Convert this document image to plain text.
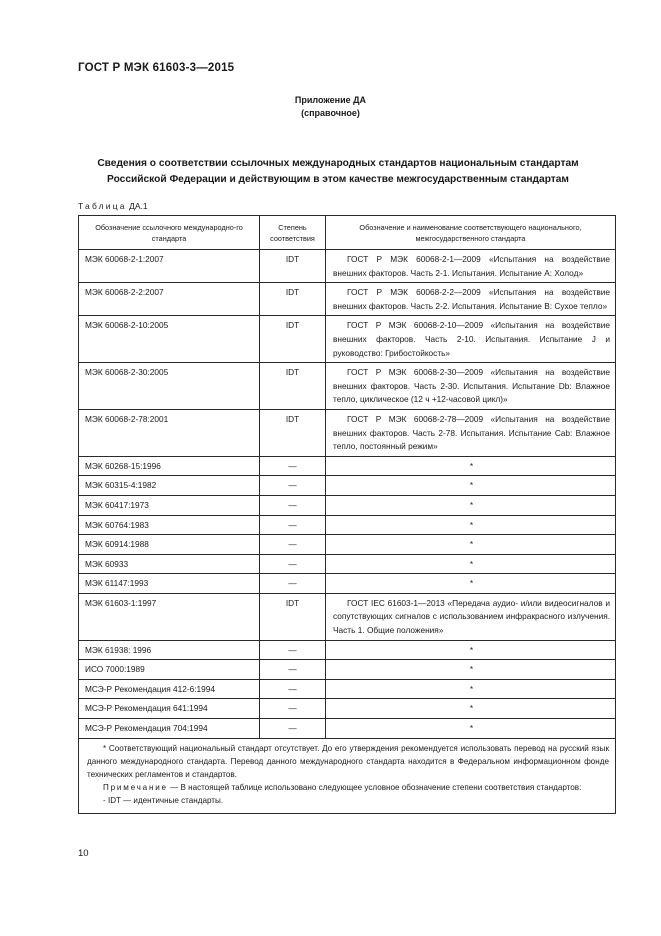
ГОСТ Р МЭК 61603-3—2015
Приложение ДА
(справочное)
Сведения о соответствии ссылочных международных стандартов национальным стандартам
Российской Федерации и действующим в этом качестве межгосударственным стандартам
Таблица ДА.1
Обозначение ссылочного международно-го стандарта	Степень соответствия	Обозначение и наименование соответствующего национального, межгосударственного стандарта
МЭК 60068-2-1:2007	IDT	ГОСТ Р МЭК 60068-2-1—2009 «Испытания на воздействие внешних факторов. Часть 2-1. Испытания. Испытание А: Холод»
МЭК 60068-2-2:2007	IDT	ГОСТ Р МЭК 60068-2-2—2009 «Испытания на воздействие внешних факторов. Часть 2-2. Испытания. Испытание В: Сухое тепло»
МЭК 60068-2-10:2005	IDT	ГОСТ Р МЭК 60068-2-10—2009 «Испытания на воздействие внешних факторов. Часть 2-10. Испытания. Испытание J и руководство: Грибостойкость»
МЭК 60068-2-30:2005	IDT	ГОСТ Р МЭК 60068-2-30—2009 «Испытания на воздействие внешних факторов. Часть 2-30. Испытания. Испытание Db: Влажное тепло, циклическое (12 ч +12-часовой цикл)»
МЭК 60068-2-78:2001	IDT	ГОСТ Р МЭК 60068-2-78—2009 «Испытания на воздействие внешних факторов. Часть 2-78. Испытания. Испытание Cab: Влажное тепло, постоянный режим»
МЭК 60268-15:1996	—	*
МЭК 60315-4:1982	—	*
МЭК 60417:1973	—	*
МЭК 60764:1983	—	*
МЭК 60914:1988	—	*
МЭК 60933	—	*
МЭК 61147:1993	—	*
МЭК 61603-1:1997	IDT	ГОСТ IEC 61603-1—2013 «Передача аудио- и/или видеосигналов и сопутствующих сигналов с использованием инфракрасного излучения. Часть 1. Общие положения»
МЭК 61938: 1996	—	*
ИСО 7000:1989	—	*
МСЭ-Р Рекомендация 412-6:1994	—	*
МСЭ-Р Рекомендация 641:1994	—	*
МСЭ-Р Рекомендация 704:1994	—	*

* Соответствующий национальный стандарт отсутствует. До его утверждения рекомендуется использовать перевод на русский язык данного международного стандарта. Перевод данного международного стандарта находится в Федеральном информационном фонде технических регламентов и стандартов.

Примечание — В настоящей таблице использовано следующее условное обозначение степени соответствия стандартов:

- IDT — идентичные стандарты.		

10
